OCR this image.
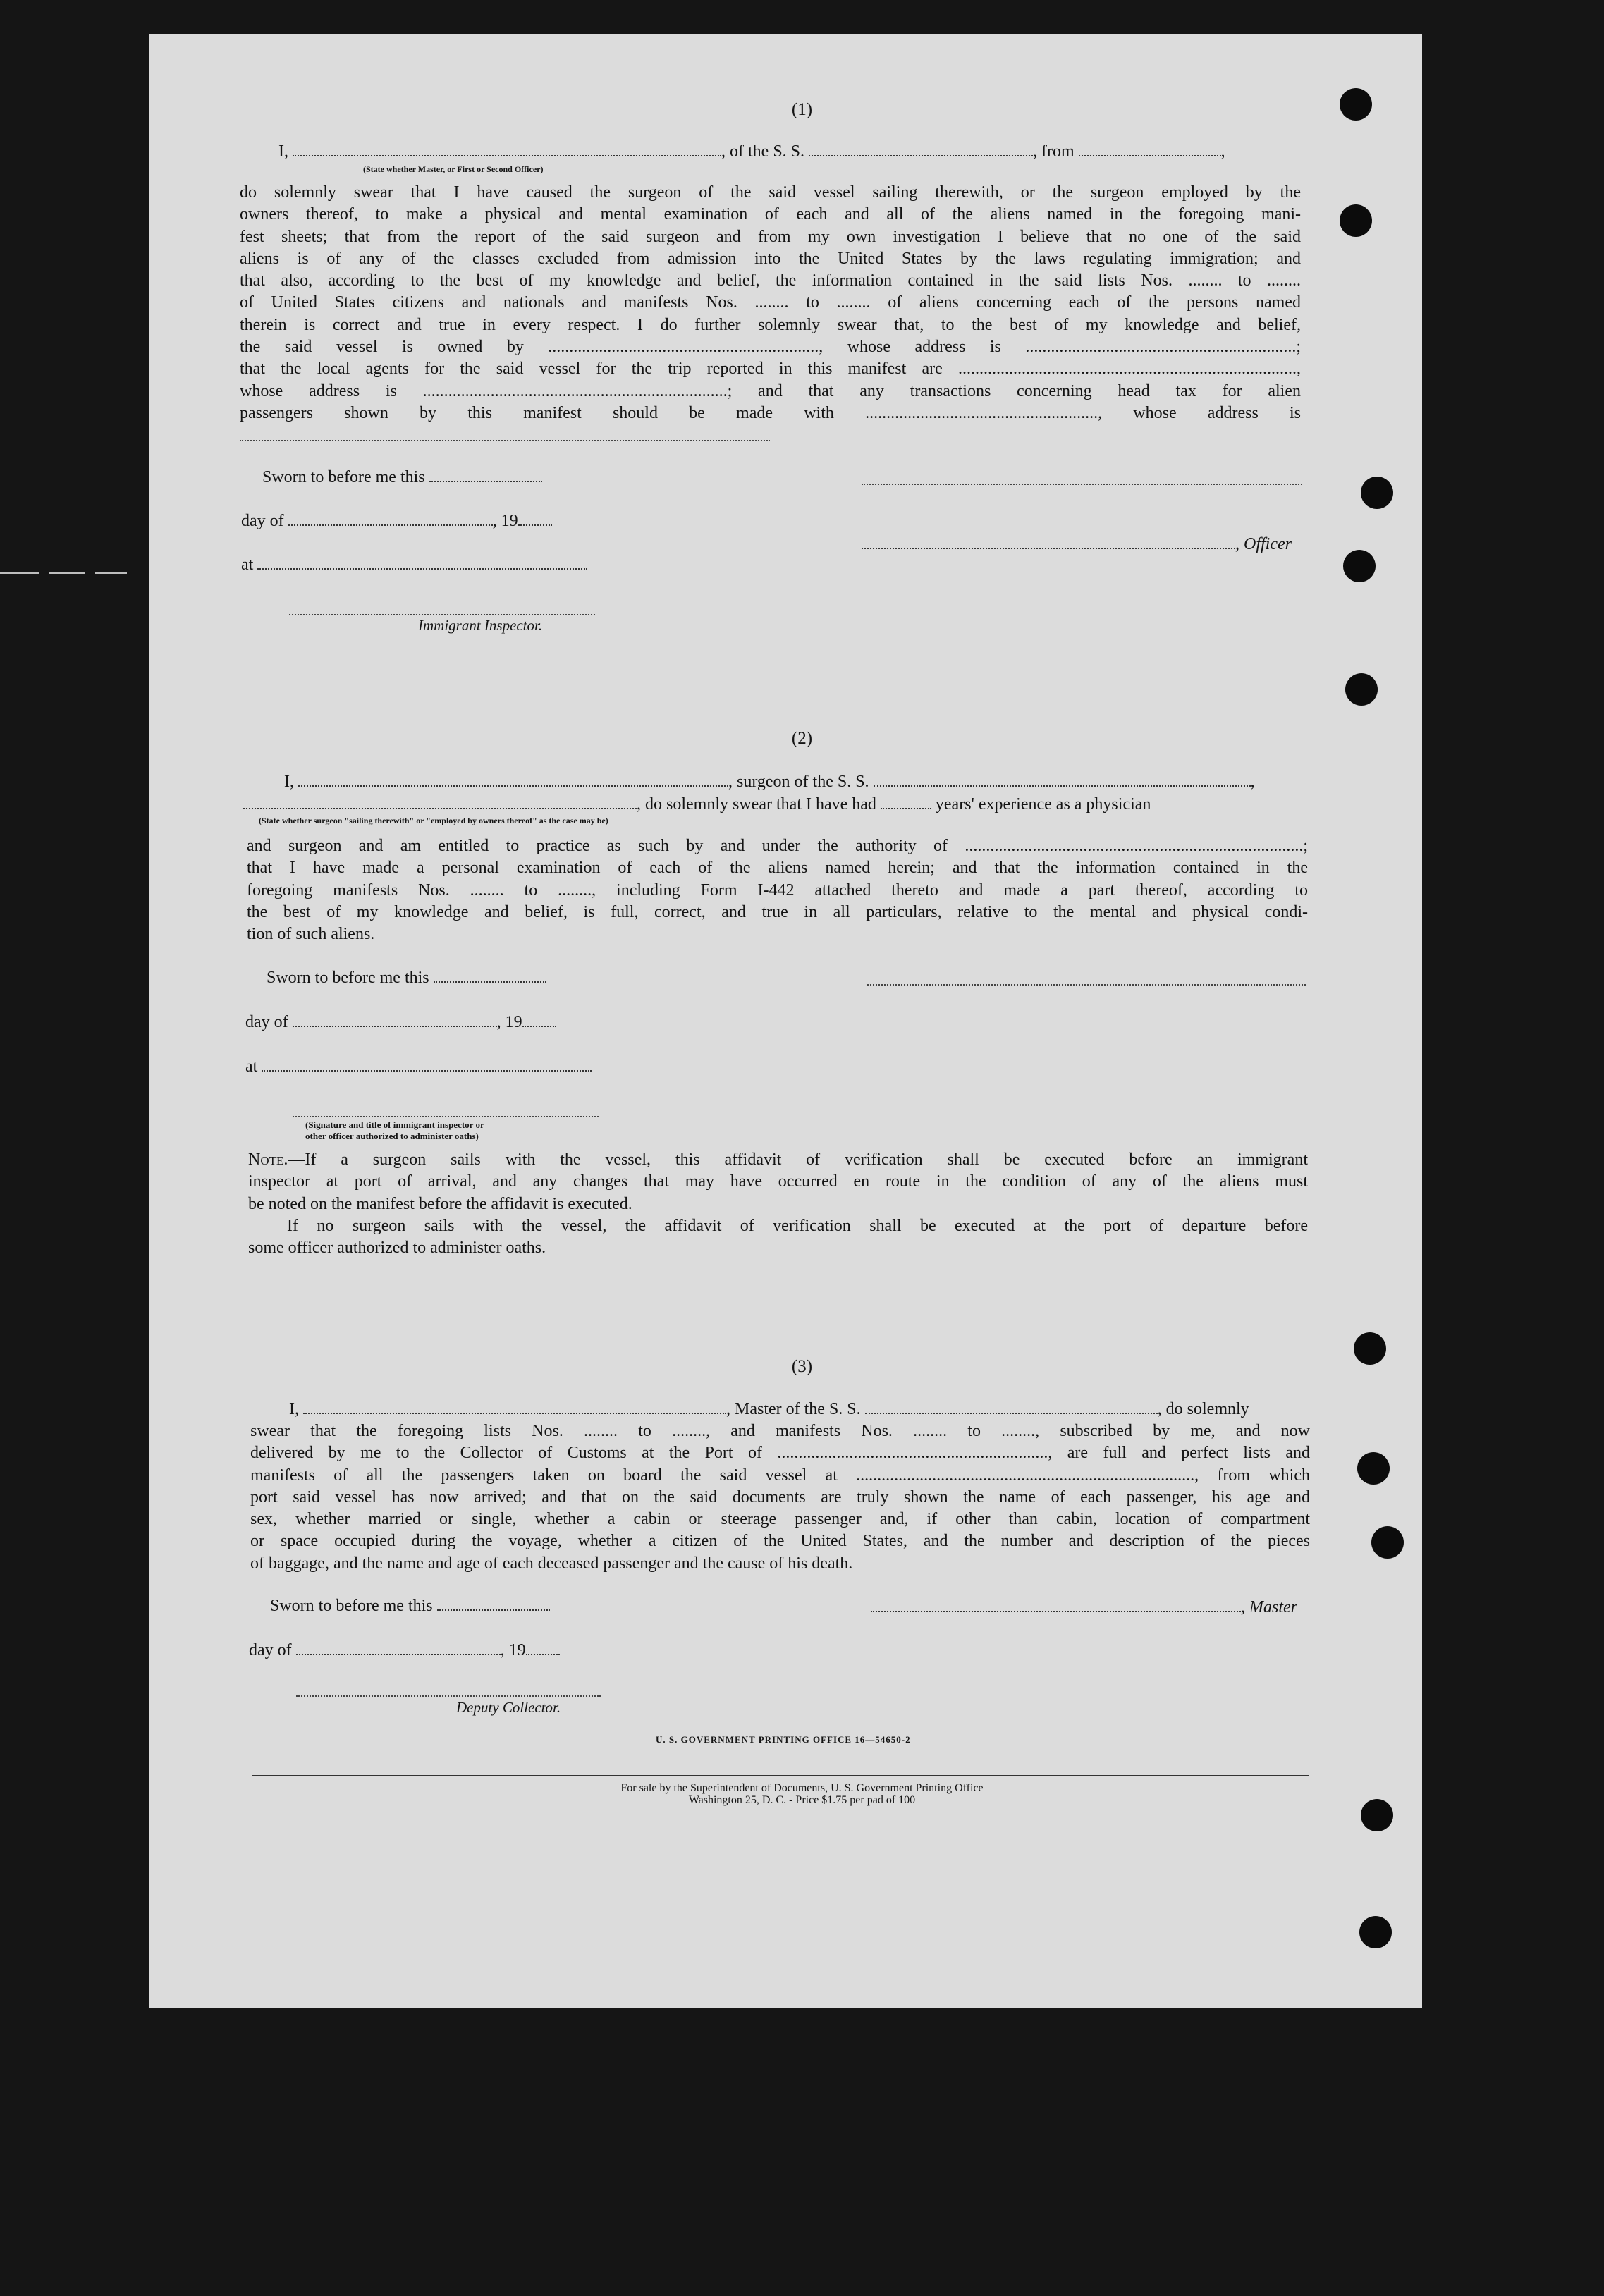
(1)
I,	, of the S. S.	, from	,
(State whether Master, or First or Second Officer)
do solemnly swear that I have caused the surgeon of the said vessel sailing therewith, or the surgeon employed by the
owners thereof, to make a physical and mental examination of each and all of the aliens named in the foregoing mani-
fest sheets; that from the report of the said surgeon and from my own investigation I believe that no one of the said
aliens is of any of the classes excluded from admission into the United States by the laws regulating immigration; and
that also, according to the best of my knowledge and belief, the information contained in the said lists Nos. ........ to ........
of United States citizens and nationals and manifests Nos. ........ to ........ of aliens concerning each of the persons named
therein is correct and true in every respect. I do further solemnly swear that, to the best of my knowledge and belief,
the said vessel is owned by ................................................................, whose address is ................................................................;
that the local agents for the said vessel for the trip reported in this manifest are ................................................................................,
whose address is ........................................................................; and that any transactions concerning head tax for alien
passengers shown by this manifest should be made with ......................................................., whose address is
Sworn to before me this
day of	, 19
, Officer
at
Immigrant Inspector.
(2)
I,	, surgeon of the S. S.	,
, do solemnly swear that I have had	years' experience as a physician
(State whether surgeon "sailing therewith" or "employed by owners thereof" as the case may be)
and surgeon and am entitled to practice as such by and under the authority of ................................................................................;
that I have made a personal examination of each of the aliens named herein; and that the information contained in the
foregoing manifests Nos. ........ to ........, including Form I-442 attached thereto and made a part thereof, according to
the best of my knowledge and belief, is full, correct, and true in all particulars, relative to the mental and physical condi-
tion of such aliens.
Sworn to before me this
day of	, 19
at
(Signature and title of immigrant inspector or
other officer authorized to administer oaths)
Note.—If a surgeon sails with the vessel, this affidavit of verification shall be executed before an immigrant
inspector at port of arrival, and any changes that may have occurred en route in the condition of any of the aliens must
be noted on the manifest before the affidavit is executed.
If no surgeon sails with the vessel, the affidavit of verification shall be executed at the port of departure before
some officer authorized to administer oaths.
(3)
I,	, Master of the S. S.	, do solemnly
swear that the foregoing lists Nos. ........ to ........, and manifests Nos. ........ to ........, subscribed by me, and now
delivered by me to the Collector of Customs at the Port of ................................................................, are full and perfect lists and
manifests of all the passengers taken on board the said vessel at ................................................................................, from which
port said vessel has now arrived; and that on the said documents are truly shown the name of each passenger, his age and
sex, whether married or single, whether a cabin or steerage passenger and, if other than cabin, location of compartment
or space occupied during the voyage, whether a citizen of the United States, and the number and description of the pieces
of baggage, and the name and age of each deceased passenger and the cause of his death.
Sworn to before me this	, Master
day of	, 19
Deputy Collector.
U. S. GOVERNMENT PRINTING OFFICE 16—54650-2
For sale by the Superintendent of Documents, U. S. Government Printing Office
Washington 25, D. C. - Price $1.75 per pad of 100
